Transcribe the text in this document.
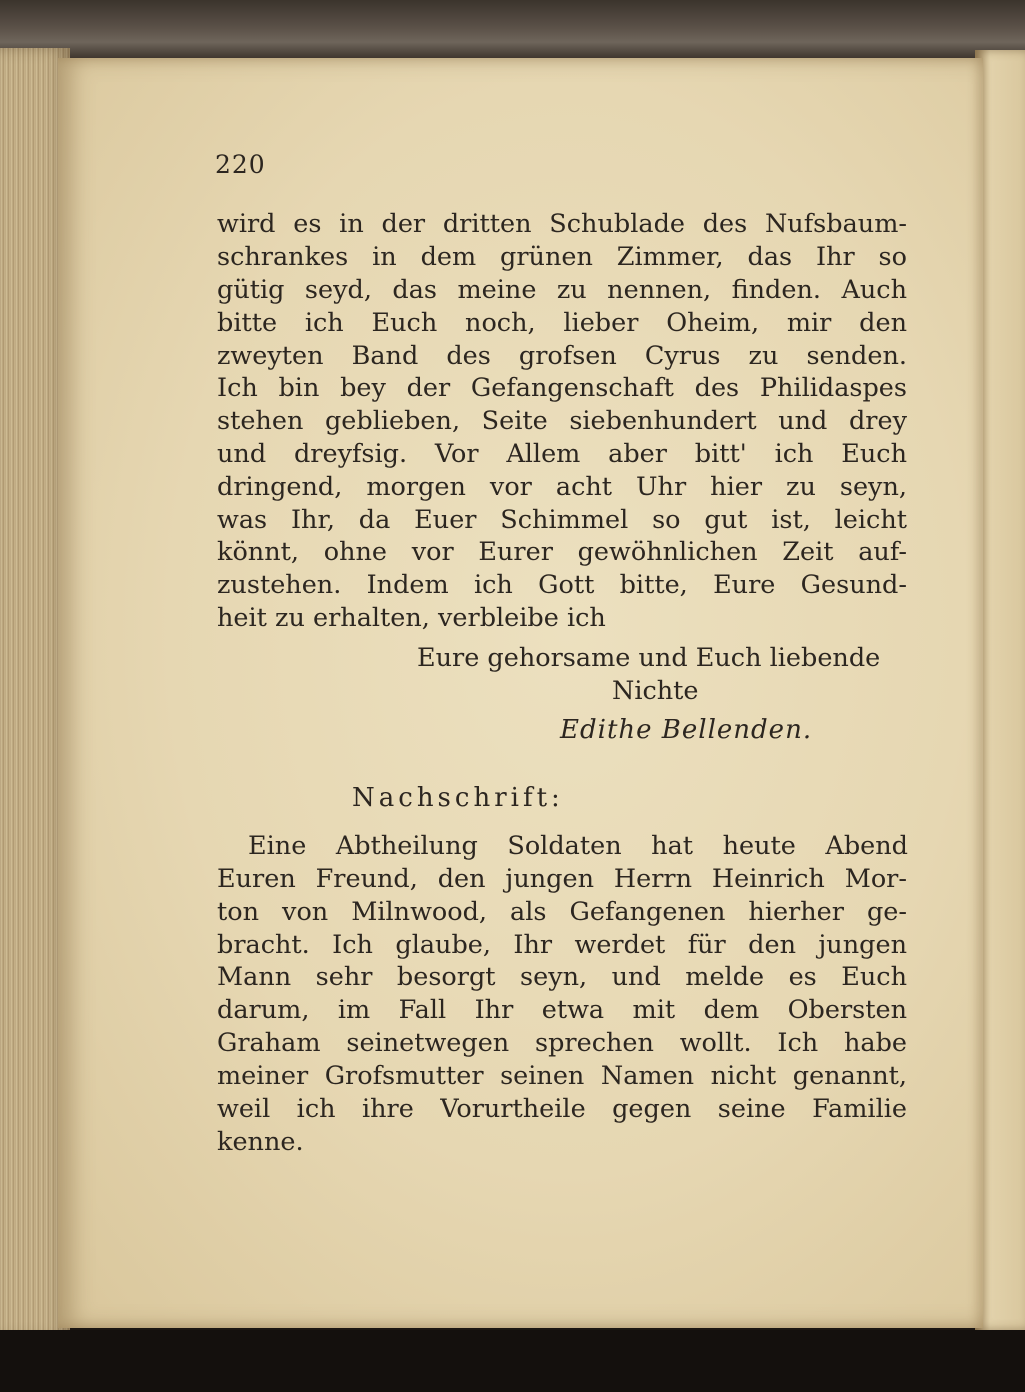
220
wird es in der dritten Schublade des Nufsbaum-
schrankes in dem grünen Zimmer, das Ihr so
gütig seyd, das meine zu nennen, finden. Auch
bitte ich Euch noch, lieber Oheim, mir den
zweyten Band des grofsen Cyrus zu senden.
Ich bin bey der Gefangenschaft des Philidaspes
stehen geblieben, Seite siebenhundert und drey
und dreyfsig. Vor Allem aber bitt' ich Euch
dringend, morgen vor acht Uhr hier zu seyn,
was Ihr, da Euer Schimmel so gut ist, leicht
könnt, ohne vor Eurer gewöhnlichen Zeit auf-
zustehen. Indem ich Gott bitte, Eure Gesund-
heit zu erhalten, verbleibe ich
Eure gehorsame und Euch liebende
Nichte
Edithe Bellenden.
Nachschrift:
Eine Abtheilung Soldaten hat heute Abend
Euren Freund, den jungen Herrn Heinrich Mor-
ton von Milnwood, als Gefangenen hierher ge-
bracht. Ich glaube, Ihr werdet für den jungen
Mann sehr besorgt seyn, und melde es Euch
darum, im Fall Ihr etwa mit dem Obersten
Graham seinetwegen sprechen wollt. Ich habe
meiner Grofsmutter seinen Namen nicht genannt,
weil ich ihre Vorurtheile gegen seine Familie
kenne.
